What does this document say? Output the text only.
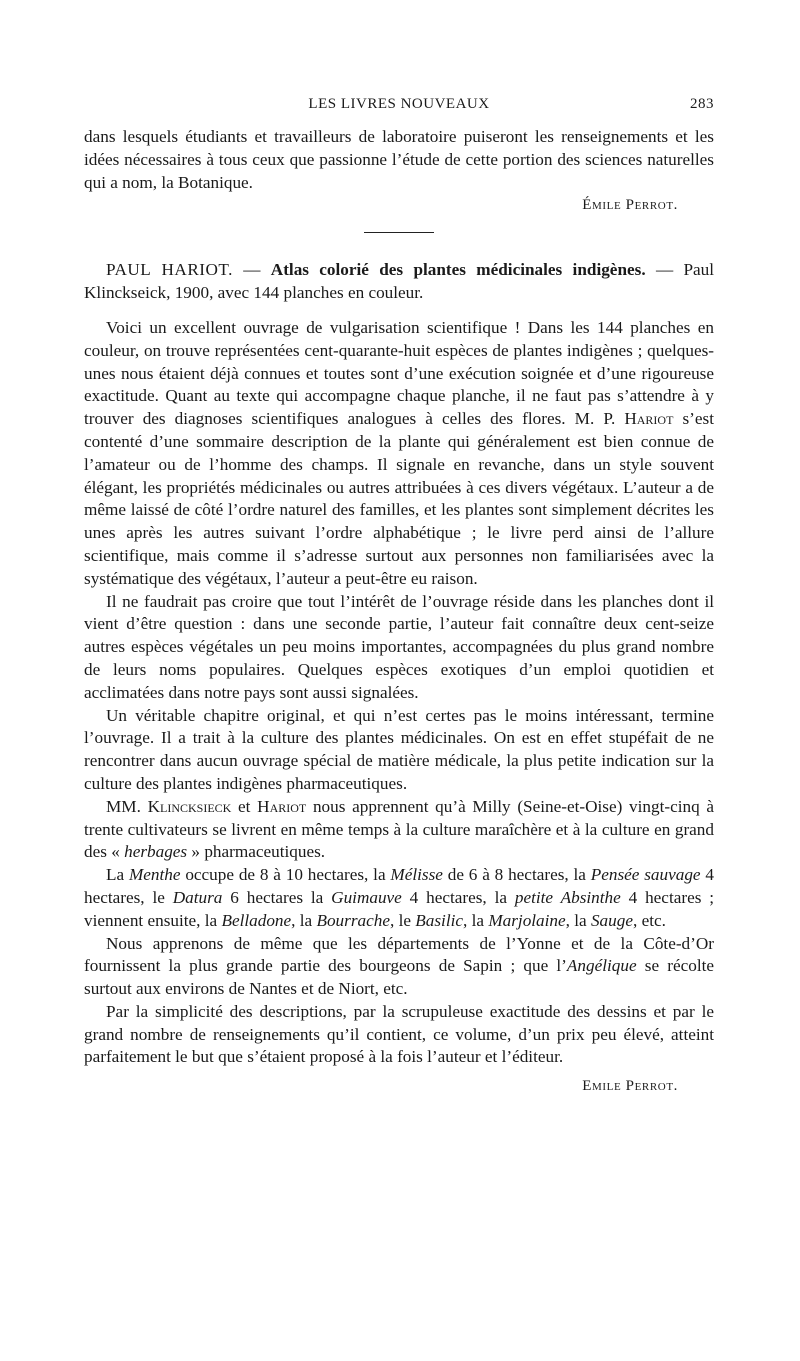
LES LIVRES NOUVEAUX	283

dans lesquels étudiants et travailleurs de laboratoire puiseront les renseignements et les idées nécessaires à tous ceux que passionne l’étude de cette portion des sciences naturelles qui a nom, la Botanique.

Émile Perrot.

PAUL HARIOT. — Atlas colorié des plantes médicinales indigènes. — Paul Klinckseick, 1900, avec 144 planches en couleur.

Voici un excellent ouvrage de vulgarisation scientifique ! Dans les 144 planches en couleur, on trouve représentées cent-quarante-huit espèces de plantes indigènes ; quelques-unes nous étaient déjà connues et toutes sont d’une exécution soignée et d’une rigoureuse exactitude. Quant au texte qui accompagne chaque planche, il ne faut pas s’attendre à y trouver des diagnoses scientifiques analogues à celles des flores. M. P. Hariot s’est contenté d’une sommaire description de la plante qui généralement est bien connue de l’amateur ou de l’homme des champs. Il signale en revanche, dans un style souvent élégant, les propriétés médicinales ou autres attribuées à ces divers végétaux. L’auteur a de même laissé de côté l’ordre naturel des familles, et les plantes sont simplement décrites les unes après les autres suivant l’ordre alphabétique ; le livre perd ainsi de l’allure scientifique, mais comme il s’adresse surtout aux personnes non familiarisées avec la systématique des végétaux, l’auteur a peut-être eu raison.

Il ne faudrait pas croire que tout l’intérêt de l’ouvrage réside dans les planches dont il vient d’être question : dans une seconde partie, l’auteur fait connaître deux cent-seize autres espèces végétales un peu moins importantes, accompagnées du plus grand nombre de leurs noms populaires. Quelques espèces exotiques d’un emploi quotidien et acclimatées dans notre pays sont aussi signalées.

Un véritable chapitre original, et qui n’est certes pas le moins intéressant, termine l’ouvrage. Il a trait à la culture des plantes médicinales. On est en effet stupéfait de ne rencontrer dans aucun ouvrage spécial de matière médicale, la plus petite indication sur la culture des plantes indigènes pharmaceutiques.

MM. Klincksieck et Hariot nous apprennent qu’à Milly (Seine-et-Oise) vingt-cinq à trente cultivateurs se livrent en même temps à la culture maraîchère et à la culture en grand des « herbages » pharmaceutiques.

La Menthe occupe de 8 à 10 hectares, la Mélisse de 6 à 8 hectares, la Pensée sauvage 4 hectares, le Datura 6 hectares la Guimauve 4 hectares, la petite Absinthe 4 hectares ; viennent ensuite, la Belladone, la Bourrache, le Basilic, la Marjolaine, la Sauge, etc.

Nous apprenons de même que les départements de l’Yonne et de la Côte-d’Or fournissent la plus grande partie des bourgeons de Sapin ; que l’Angélique se récolte surtout aux environs de Nantes et de Niort, etc.

Par la simplicité des descriptions, par la scrupuleuse exactitude des dessins et par le grand nombre de renseignements qu’il contient, ce volume, d’un prix peu élevé, atteint parfaitement le but que s’étaient proposé à la fois l’auteur et l’éditeur.

Emile Perrot.
